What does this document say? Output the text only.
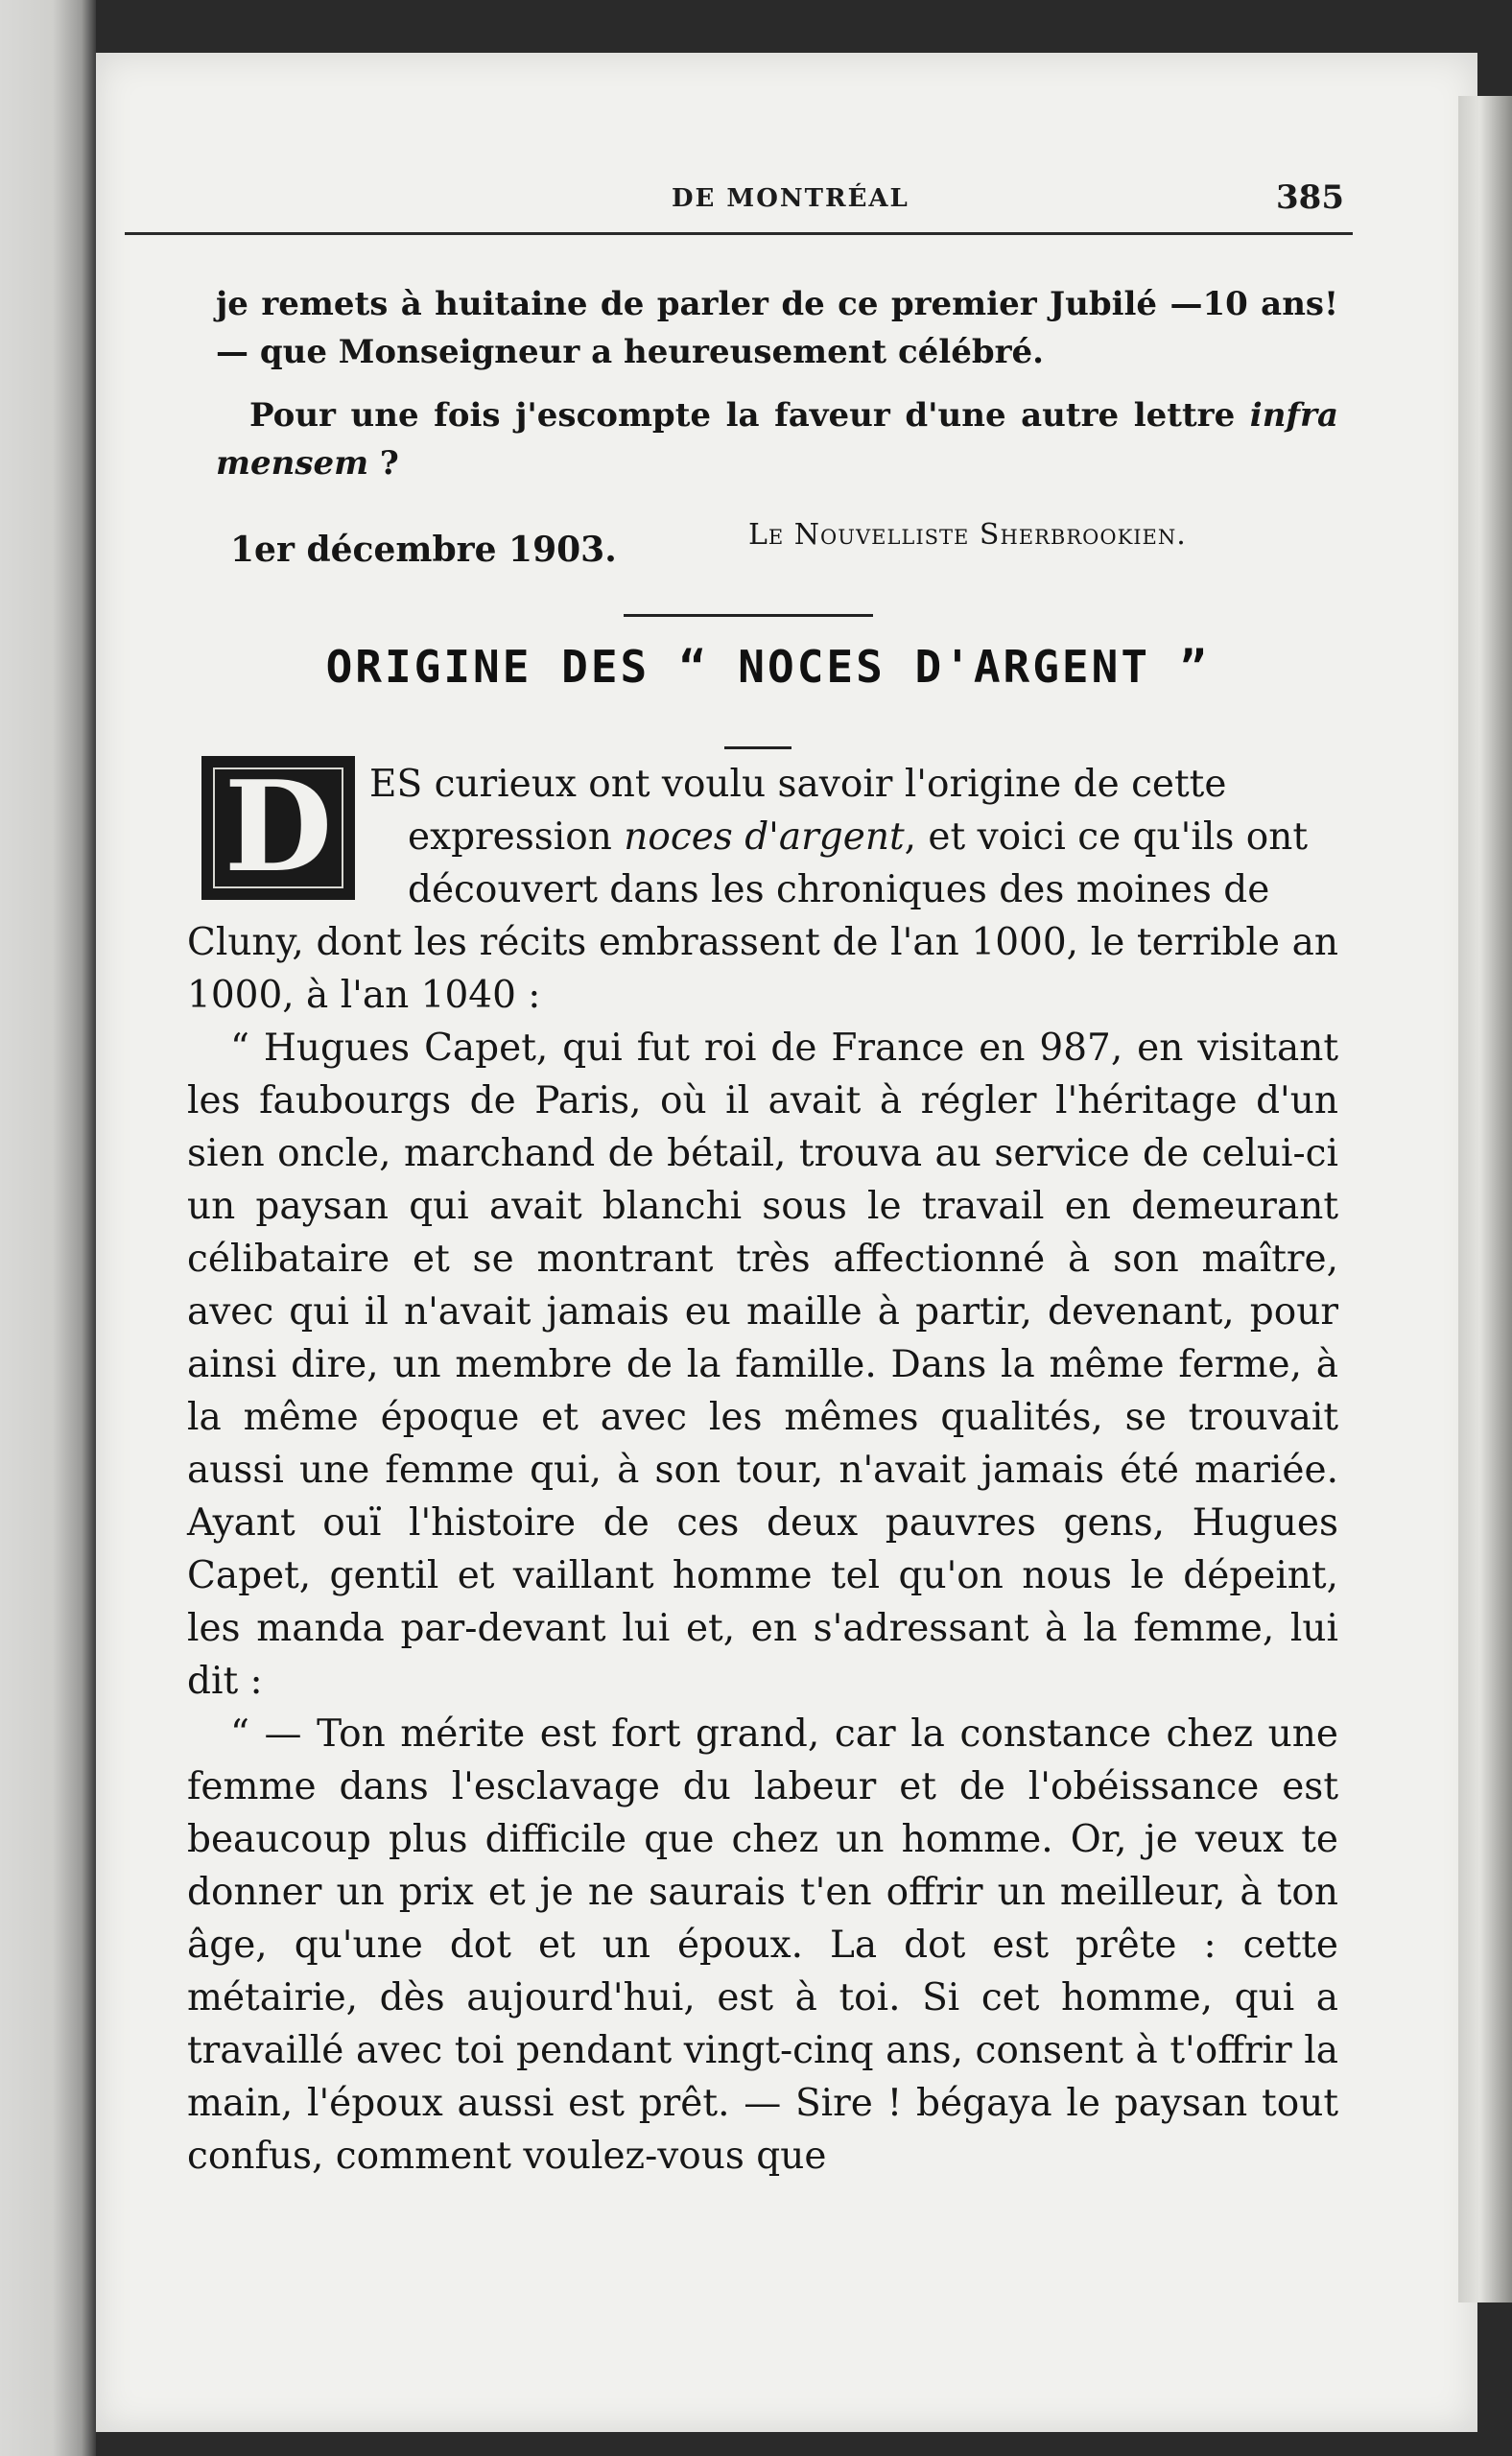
DE MONTRÉAL	385
je remets à huitaine de parler de ce premier Jubilé —10 ans!— que Monseigneur a heureusement célébré.
Pour une fois j'escompte la faveur d'une autre lettre infra mensem ?
1er décembre 1903.	Le Nouvelliste Sherbrookien.
ORIGINE DES “ NOCES D'ARGENT ”
D ES curieux ont voulu savoir l'origine de cette
expression noces d'argent, et voici ce qu'ils ont
découvert dans les chroniques des moines de
Cluny, dont les récits embrassent de l'an 1000, le terrible an 1000, à l'an 1040 :
“ Hugues Capet, qui fut roi de France en 987, en visitant les faubourgs de Paris, où il avait à régler l'héritage d'un sien oncle, marchand de bétail, trouva au service de celui-ci un paysan qui avait blanchi sous le travail en demeurant célibataire et se montrant très affectionné à son maître, avec qui il n'avait jamais eu maille à partir, devenant, pour ainsi dire, un membre de la famille. Dans la même ferme, à la même époque et avec les mêmes qualités, se trouvait aussi une femme qui, à son tour, n'avait jamais été mariée. Ayant ouï l'histoire de ces deux pauvres gens, Hugues Capet, gentil et vaillant homme tel qu'on nous le dépeint, les manda par-devant lui et, en s'adressant à la femme, lui dit :
“ — Ton mérite est fort grand, car la constance chez une femme dans l'esclavage du labeur et de l'obéissance est beaucoup plus difficile que chez un homme. Or, je veux te donner un prix et je ne saurais t'en offrir un meilleur, à ton âge, qu'une dot et un époux. La dot est prête : cette métairie, dès aujourd'hui, est à toi. Si cet homme, qui a travaillé avec toi pendant vingt-cinq ans, consent à t'offrir la main, l'époux aussi est prêt. — Sire ! bégaya le paysan tout confus, comment voulez-vous que
